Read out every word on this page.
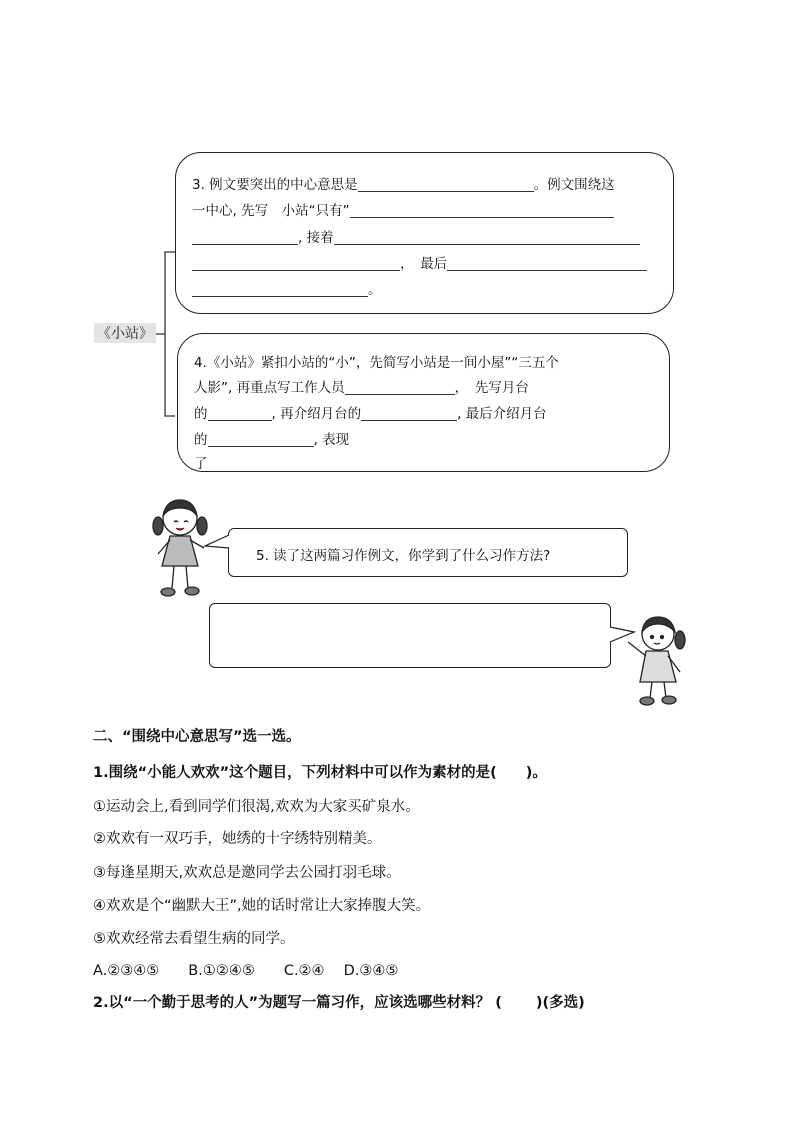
《小站》
3. 例文要突出的中心意思是	。例文围绕这
一中心, 先写　小站“只有”
, 接着
，　最后
。
4.《小站》紧扣小站的“小”，先简写小站是一间小屋”“三五个
人影”, 再重点写工作人员	，　先写月台
的	, 再介绍月台的	, 最后介绍月台
的	, 表现
了
5. 读了这两篇习作例文，你学到了什么习作方法?
二、“围绕中心意思写”选一选。
1.围绕“小能人欢欢”这个题目，下列材料中可以作为素材的是(　　)。
①运动会上,看到同学们很渴,欢欢为大家买矿泉水。
②欢欢有一双巧手，她绣的十字绣特别精美。
③每逢星期天,欢欢总是邀同学去公园打羽毛球。
④欢欢是个“幽默大王”,她的话时常让大家捧腹大笑。
⑤欢欢经常去看望生病的同学。
A.②③④⑤　　B.①②④⑤　　C.②④　 D.③④⑤
2.以“一个勤于思考的人”为题写一篇习作，应该选哪些材料？ (　　 )(多选)
